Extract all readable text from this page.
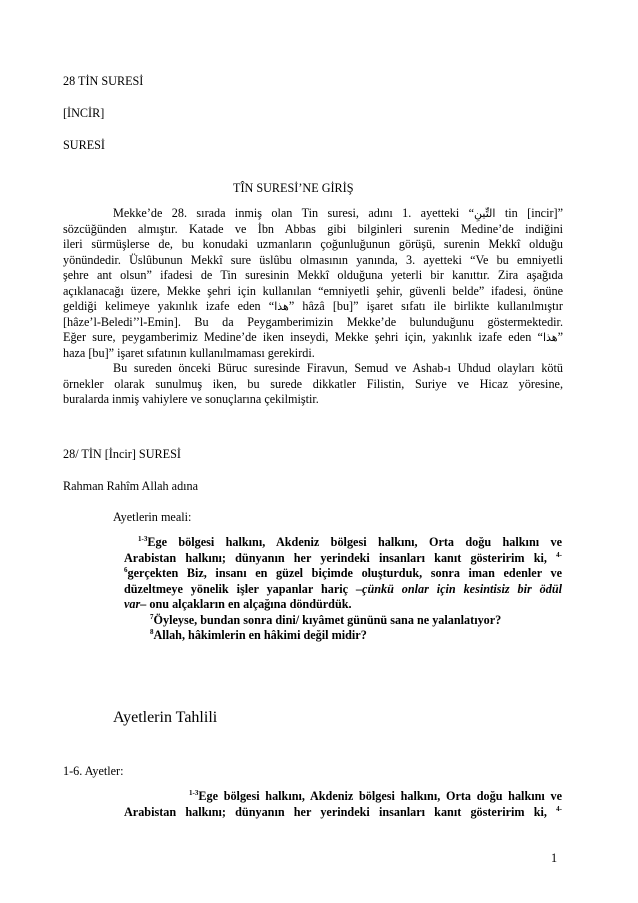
28 TİN SURESİ
[İNCİR]
SURESİ
TÎN SURESİ’NE GİRİŞ
Mekke’de 28. sırada inmiş olan Tin suresi, adını 1. ayetteki “التِّينِ tin [incir]”
sözcüğünden almıştır. Katade ve İbn Abbas gibi bilginleri surenin Medine’de indiğini
ileri sürmüşlerse de, bu konudaki uzmanların çoğunluğunun görüşü, surenin Mekkî olduğu
yönündedir. Üslûbunun Mekkî sure üslûbu olmasının yanında, 3. ayetteki “Ve bu emniyetli
şehre ant olsun” ifadesi de Tin suresinin Mekkî olduğuna yeterli bir kanıttır. Zira aşağıda
açıklanacağı üzere, Mekke şehri için kullanılan “emniyetli şehir, güvenli belde” ifadesi, önüne
geldiği kelimeye yakınlık izafe eden “هذا” hâzâ [bu]” işaret sıfatı ile birlikte kullanılmıştır
[hâze’l-Beledi’’l-Emin]. Bu da Peygamberimizin Mekke’de bulunduğunu göstermektedir.
Eğer sure, peygamberimiz Medine’de iken inseydi, Mekke şehri için, yakınlık izafe eden “هذا”
haza [bu]” işaret sıfatının kullanılmaması gerekirdi.
Bu sureden önceki Büruc suresinde Firavun, Semud ve Ashab-ı Uhdud olayları kötü
örnekler olarak sunulmuş iken, bu surede dikkatler Filistin, Suriye ve Hicaz yöresine,
buralarda inmiş vahiylere ve sonuçlarına çekilmiştir.
28/ TİN [İncir] SURESİ
Rahman Rahîm Allah adına
Ayetlerin meali:
$^{1-3}$Ege bölgesi halkını, Akdeniz bölgesi halkını, Orta doğu halkını ve
Arabistan halkını; dünyanın her yerindeki insanları kanıt gösteririm ki, $^{4-}$
$^6$gerçekten Biz, insanı en güzel biçimde oluşturduk, sonra iman edenler ve
düzeltmeye yönelik işler yapanlar hariç –çünkü onlar için kesintisiz bir ödül
var– onu alçakların en alçağına döndürdük.
$^7$Öyleyse, bundan sonra dini/ kıyâmet gününü sana ne yalanlatıyor?
$^8$Allah, hâkimlerin en hâkimi değil midir?
Ayetlerin Tahlili
1-6. Ayetler:
$^{1-3}$Ege bölgesi halkını, Akdeniz bölgesi halkını, Orta doğu halkını ve
Arabistan halkını; dünyanın her yerindeki insanları kanıt gösteririm ki, $^{4-}$
1
